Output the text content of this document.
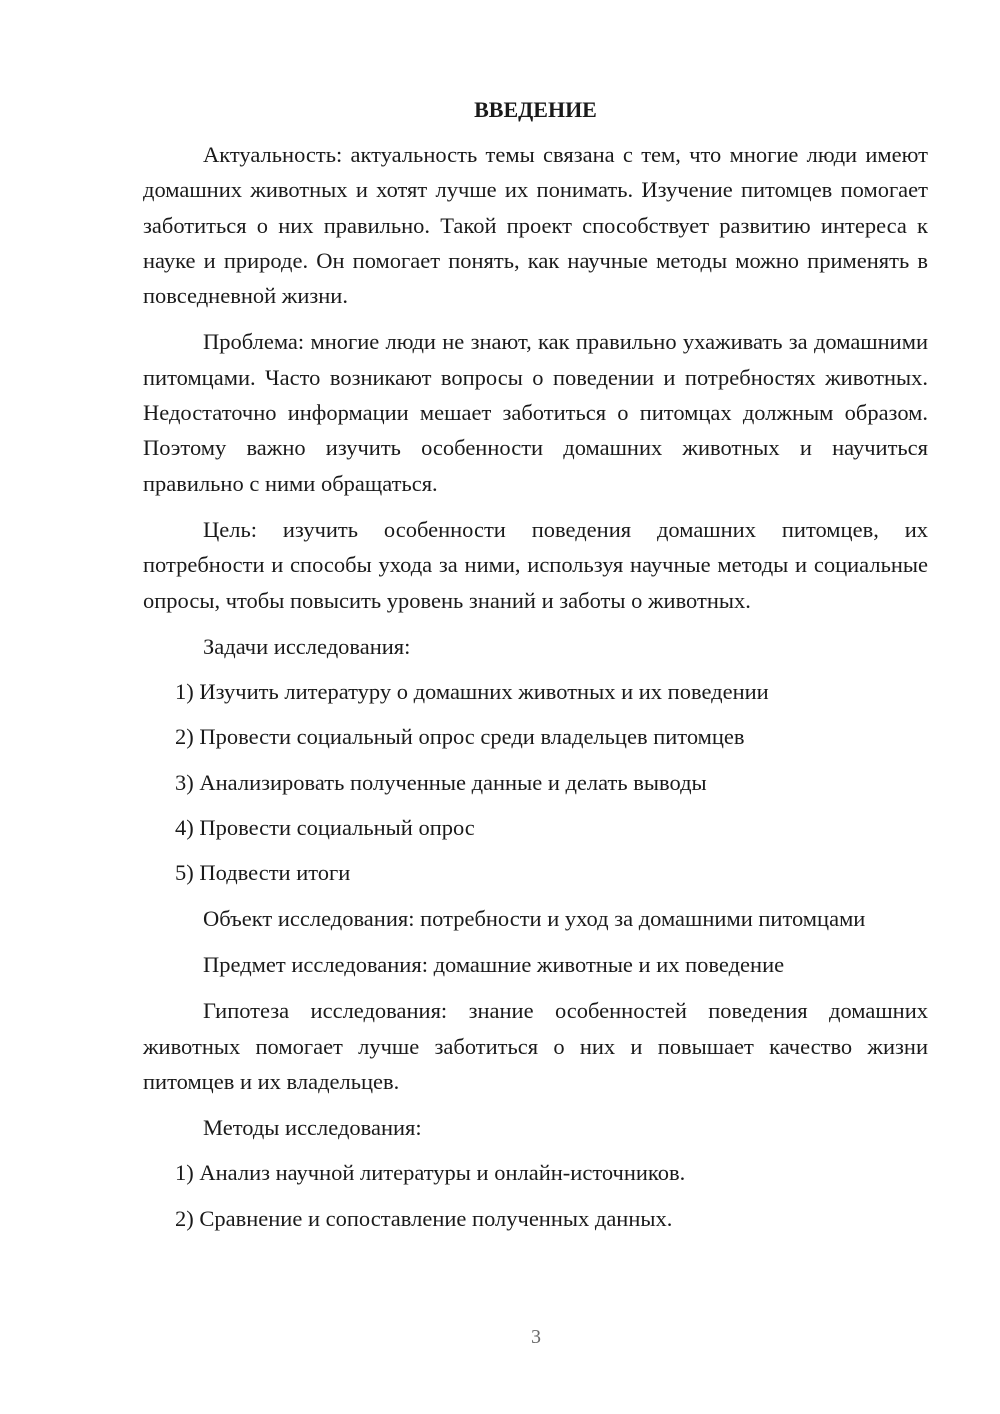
ВВЕДЕНИЕ

Актуальность: актуальность темы связана с тем, что многие люди имеют домашних животных и хотят лучше их понимать. Изучение питомцев помогает заботиться о них правильно. Такой проект способствует развитию интереса к науке и природе. Он помогает понять, как научные методы можно применять в повседневной жизни.

Проблема: многие люди не знают, как правильно ухаживать за домашними питомцами. Часто возникают вопросы о поведении и потребностях животных. Недостаточно информации мешает заботиться о питомцах должным образом. Поэтому важно изучить особенности домашних животных и научиться правильно с ними обращаться.

Цель: изучить особенности поведения домашних питомцев, их потребности и способы ухода за ними, используя научные методы и социальные опросы, чтобы повысить уровень знаний и заботы о животных.

Задачи исследования:
1) Изучить литературу о домашних животных и их поведении
2) Провести социальный опрос среди владельцев питомцев
3) Анализировать полученные данные и делать выводы
4) Провести социальный опрос
5) Подвести итоги

Объект исследования: потребности и уход за домашними питомцами

Предмет исследования: домашние животные и их поведение

Гипотеза исследования: знание особенностей поведения домашних животных помогает лучше заботиться о них и повышает качество жизни питомцев и их владельцев.

Методы исследования:
1) Анализ научной литературы и онлайн-источников.
2) Сравнение и сопоставление полученных данных.
3
